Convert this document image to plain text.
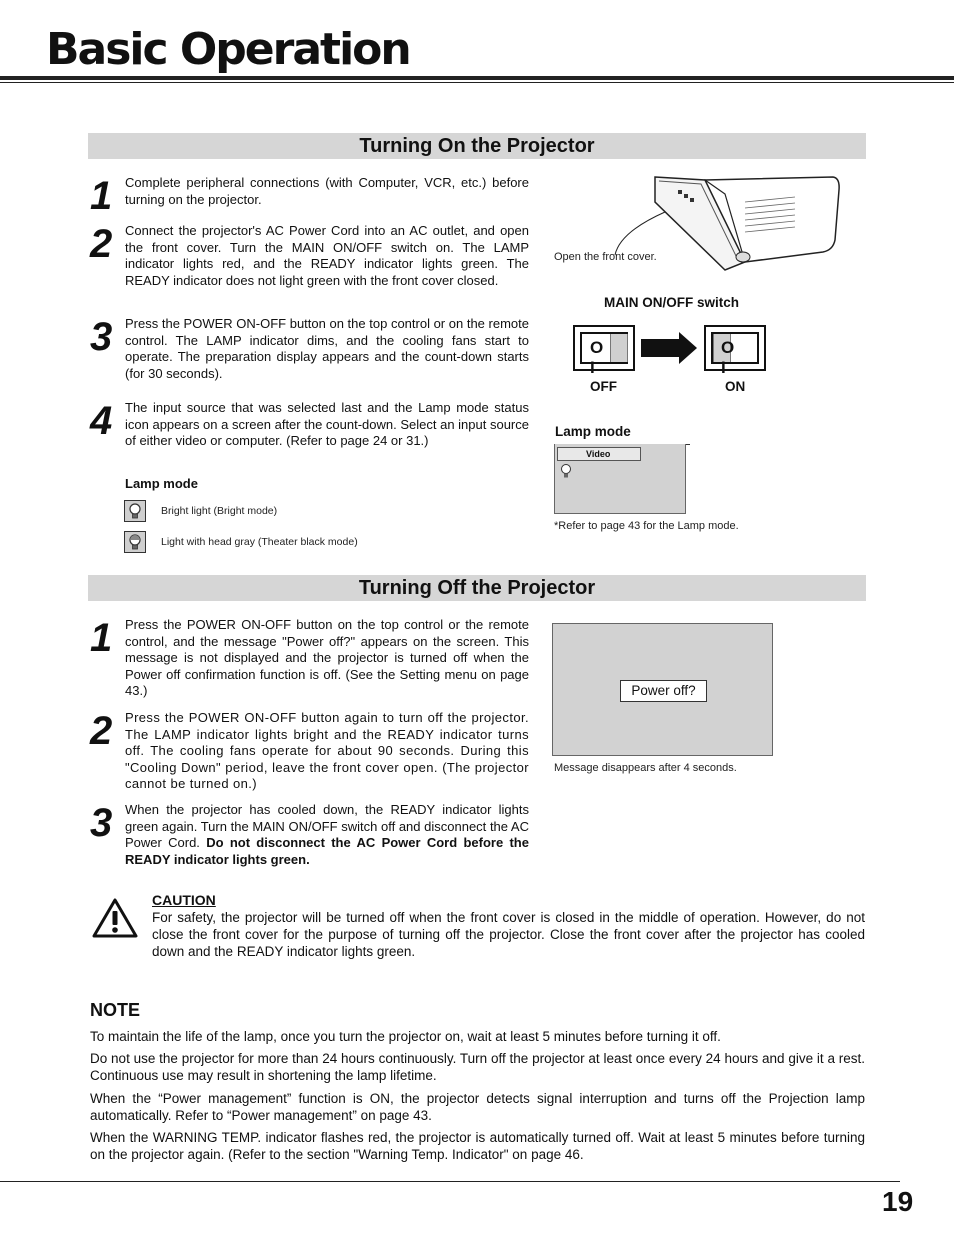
Basic Operation
Turning On the Projector
1 Complete peripheral connections (with Computer, VCR, etc.) before turning on the projector.
2 Connect the projector's AC Power Cord into an AC outlet, and open the front cover. Turn the MAIN ON/OFF switch on. The LAMP indicator lights red, and the READY indicator lights green. The READY indicator does not light green with the front cover closed.
3 Press the POWER ON-OFF button on the top control or on the remote control. The LAMP indicator dims, and the cooling fans start to operate. The preparation display appears and the count-down starts (for 30 seconds).
4 The input source that was selected last and the Lamp mode status icon appears on a screen after the count-down. Select an input source of either video or computer. (Refer to page 24 or 31.)
Lamp mode
Bright light (Bright mode)
Light with head gray (Theater black mode)
Open the front cover.
MAIN ON/OFF switch
O I
O I
OFF	ON
Lamp mode
Video
*Refer to page 43 for the Lamp mode.
Turning Off the Projector
1 Press the POWER ON-OFF button on the top control or the remote control, and the message "Power off?" appears on the screen. This message is not displayed and the projector is turned off when the Power off confirmation function is off. (See the Setting menu on page 43.)
2 Press the POWER ON-OFF button again to turn off the projector. The LAMP indicator lights bright and the READY indicator turns off. The cooling fans operate for about 90 seconds. During this "Cooling Down" period, leave the front cover open. (The projector cannot be turned on.)
3 When the projector has cooled down, the READY indicator lights green again. Turn the MAIN ON/OFF switch off and disconnect the AC Power Cord. Do not disconnect the AC Power Cord before the READY indicator lights green.
Power off?
Message disappears after 4 seconds.
CAUTION
For safety, the projector will be turned off when the front cover is closed in the middle of operation. However, do not close the front cover for the purpose of turning off the projector. Close the front cover after the projector has cooled down and the READY indicator lights green.
NOTE
To maintain the life of the lamp, once you turn the projector on, wait at least 5 minutes before turning it off.
Do not use the projector for more than 24 hours continuously. Turn off the projector at least once every 24 hours and give it a rest. Continuous use may result in shortening the lamp lifetime.
When the “Power management” function is ON, the projector detects signal interruption and turns off the Projection lamp automatically. Refer to “Power management” on page 43.
When the WARNING TEMP. indicator flashes red, the projector is automatically turned off. Wait at least 5 minutes before turning on the projector again. (Refer to the section "Warning Temp. Indicator" on page 46.
19
